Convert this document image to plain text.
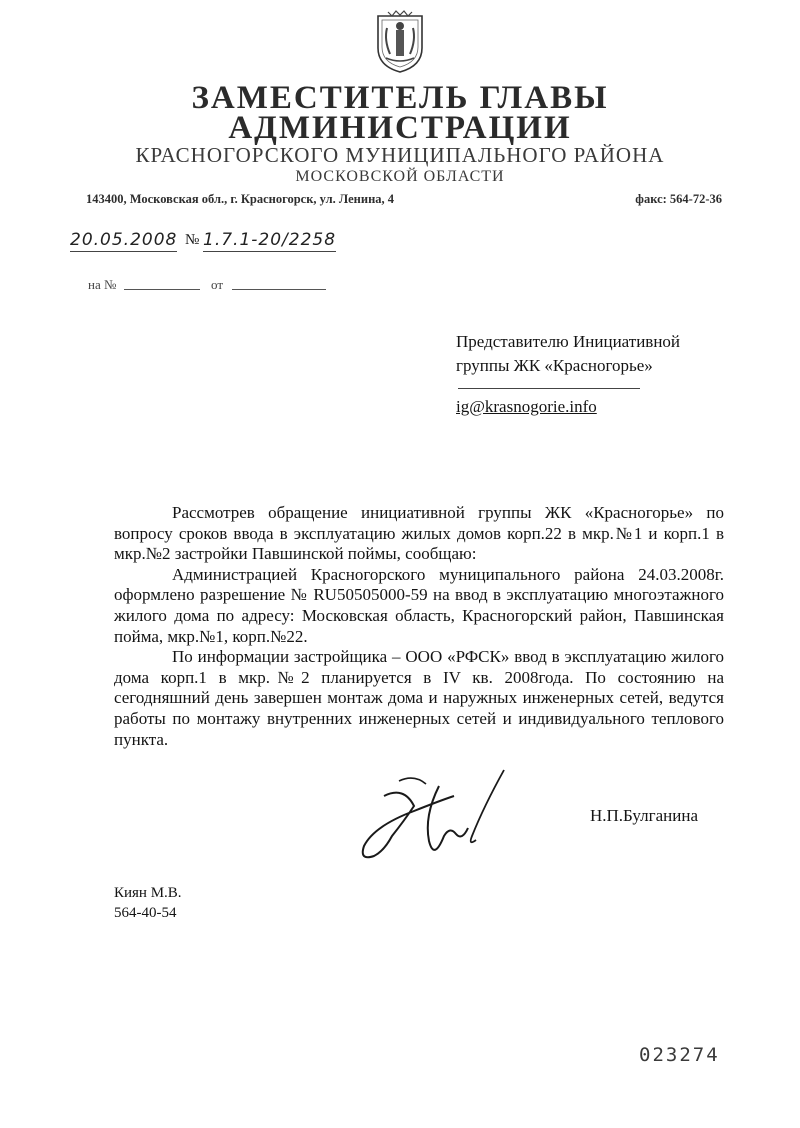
ЗАМЕСТИТЕЛЬ ГЛАВЫ
АДМИНИСТРАЦИИ
КРАСНОГОРСКОГО МУНИЦИПАЛЬНОГО РАЙОНА
МОСКОВСКОЙ ОБЛАСТИ
143400, Московская обл., г. Красногорск, ул. Ленина, 4	факс: 564-72-36
20.05.2008 № 1.7.1-20/2258
на №	от
Представителю Инициативной
группы ЖК «Красногорье»
ig@krasnogorie.info

Рассмотрев обращение инициативной группы ЖК «Красногорье» по вопросу сроков ввода в эксплуатацию жилых домов корп.22 в мкр.№1 и корп.1 в мкр.№2 застройки Павшинской поймы, сообщаю:

Администрацией Красногорского муниципального района 24.03.2008г. оформлено разрешение № RU50505000-59 на ввод в эксплуатацию многоэтажного жилого дома по адресу: Московская область, Красногорский район, Павшинская пойма, мкр.№1, корп.№22.

По информации застройщика – ООО «РФСК» ввод в эксплуатацию жилого дома корп.1 в мкр.№2 планируется в IV кв. 2008года. По состоянию на сегодняшний день завершен монтаж дома и наружных инженерных сетей, ведутся работы по монтажу внутренних инженерных сетей и индивидуального теплового пункта.

Н.П.Булганина
Киян М.В.
564-40-54
023274
